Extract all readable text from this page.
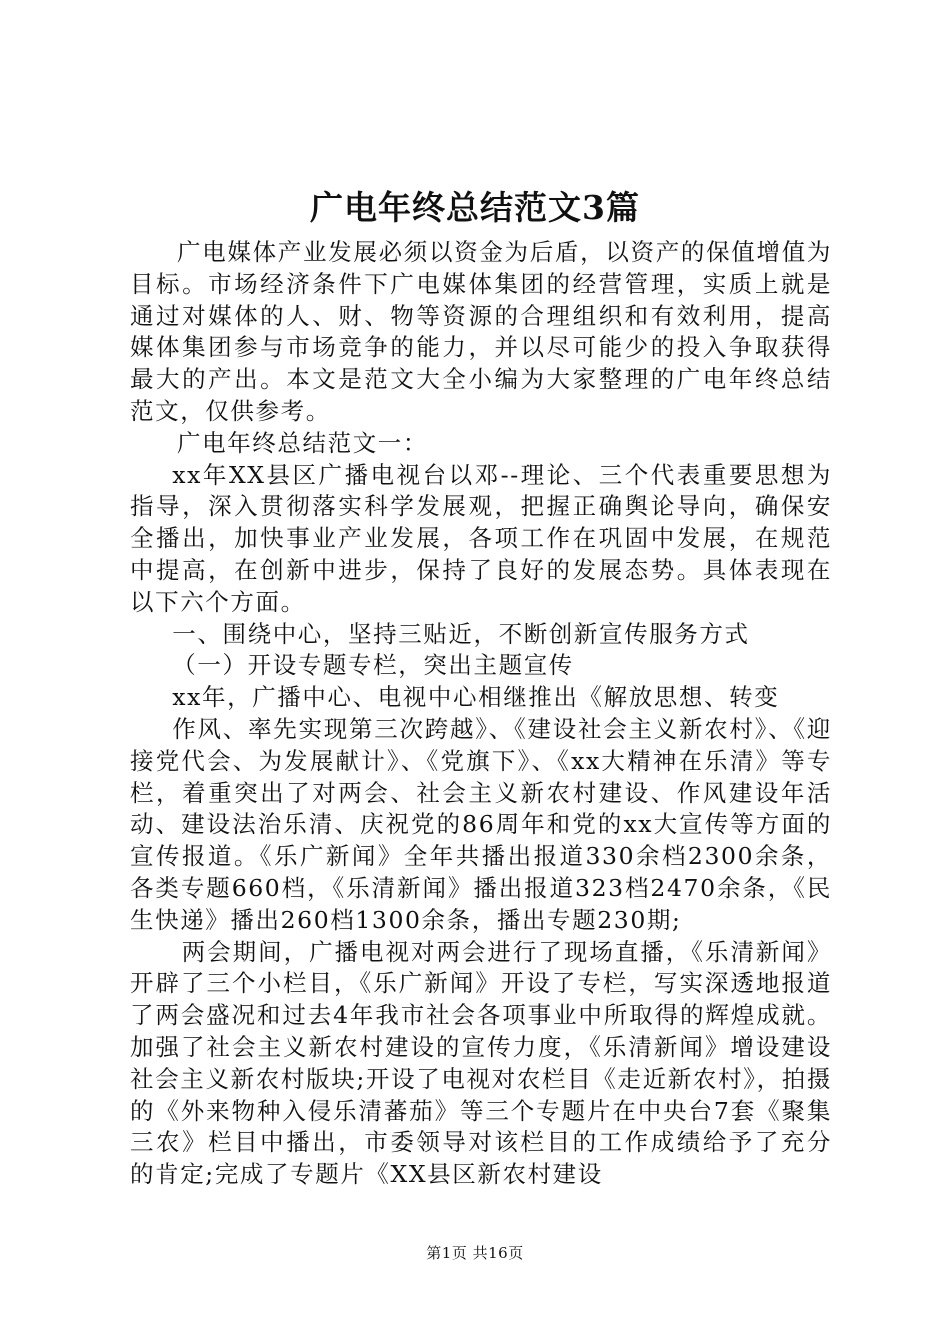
广电年终总结范文3篇

广电媒体产业发展必须以资金为后盾，以资产的保值增值为目标。市场经济条件下广电媒体集团的经营管理，实质上就是通过对媒体的人、财、物等资源的合理组织和有效利用，提高媒体集团参与市场竞争的能力，并以尽可能少的投入争取获得最大的产出。本文是范文大全小编为大家整理的广电年终总结范文，仅供参考。

广电年终总结范文一：

xx年XX县区广播电视台以邓--理论、三个代表重要思想为指导，深入贯彻落实科学发展观，把握正确舆论导向，确保安全播出，加快事业产业发展，各项工作在巩固中发展，在规范中提高，在创新中进步，保持了良好的发展态势。具体表现在以下六个方面。

一、围绕中心，坚持三贴近，不断创新宣传服务方式

（一）开设专题专栏，突出主题宣传

xx年，广播中心、电视中心相继推出《解放思想、转变

作风、率先实现第三次跨越》、《建设社会主义新农村》、《迎接党代会、为发展献计》、《党旗下》、《xx大精神在乐清》等专栏，着重突出了对两会、社会主义新农村建设、作风建设年活动、建设法治乐清、庆祝党的86周年和党的xx大宣传等方面的宣传报道。《乐广新闻》全年共播出报道330余档2300余条，各类专题660档，《乐清新闻》播出报道323档2470余条，《民生快递》播出260档1300余条，播出专题230期;

两会期间，广播电视对两会进行了现场直播，《乐清新闻》开辟了三个小栏目，《乐广新闻》开设了专栏，写实深透地报道了两会盛况和过去4年我市社会各项事业中所取得的辉煌成就。加强了社会主义新农村建设的宣传力度，《乐清新闻》增设建设社会主义新农村版块;开设了电视对农栏目《走近新农村》，拍摄的《外来物种入侵乐清蕃茄》等三个专题片在中央台7套《聚集三农》栏目中播出，市委领导对该栏目的工作成绩给予了充分的肯定;完成了专题片《XX县区新农村建设

第1页 共16页
